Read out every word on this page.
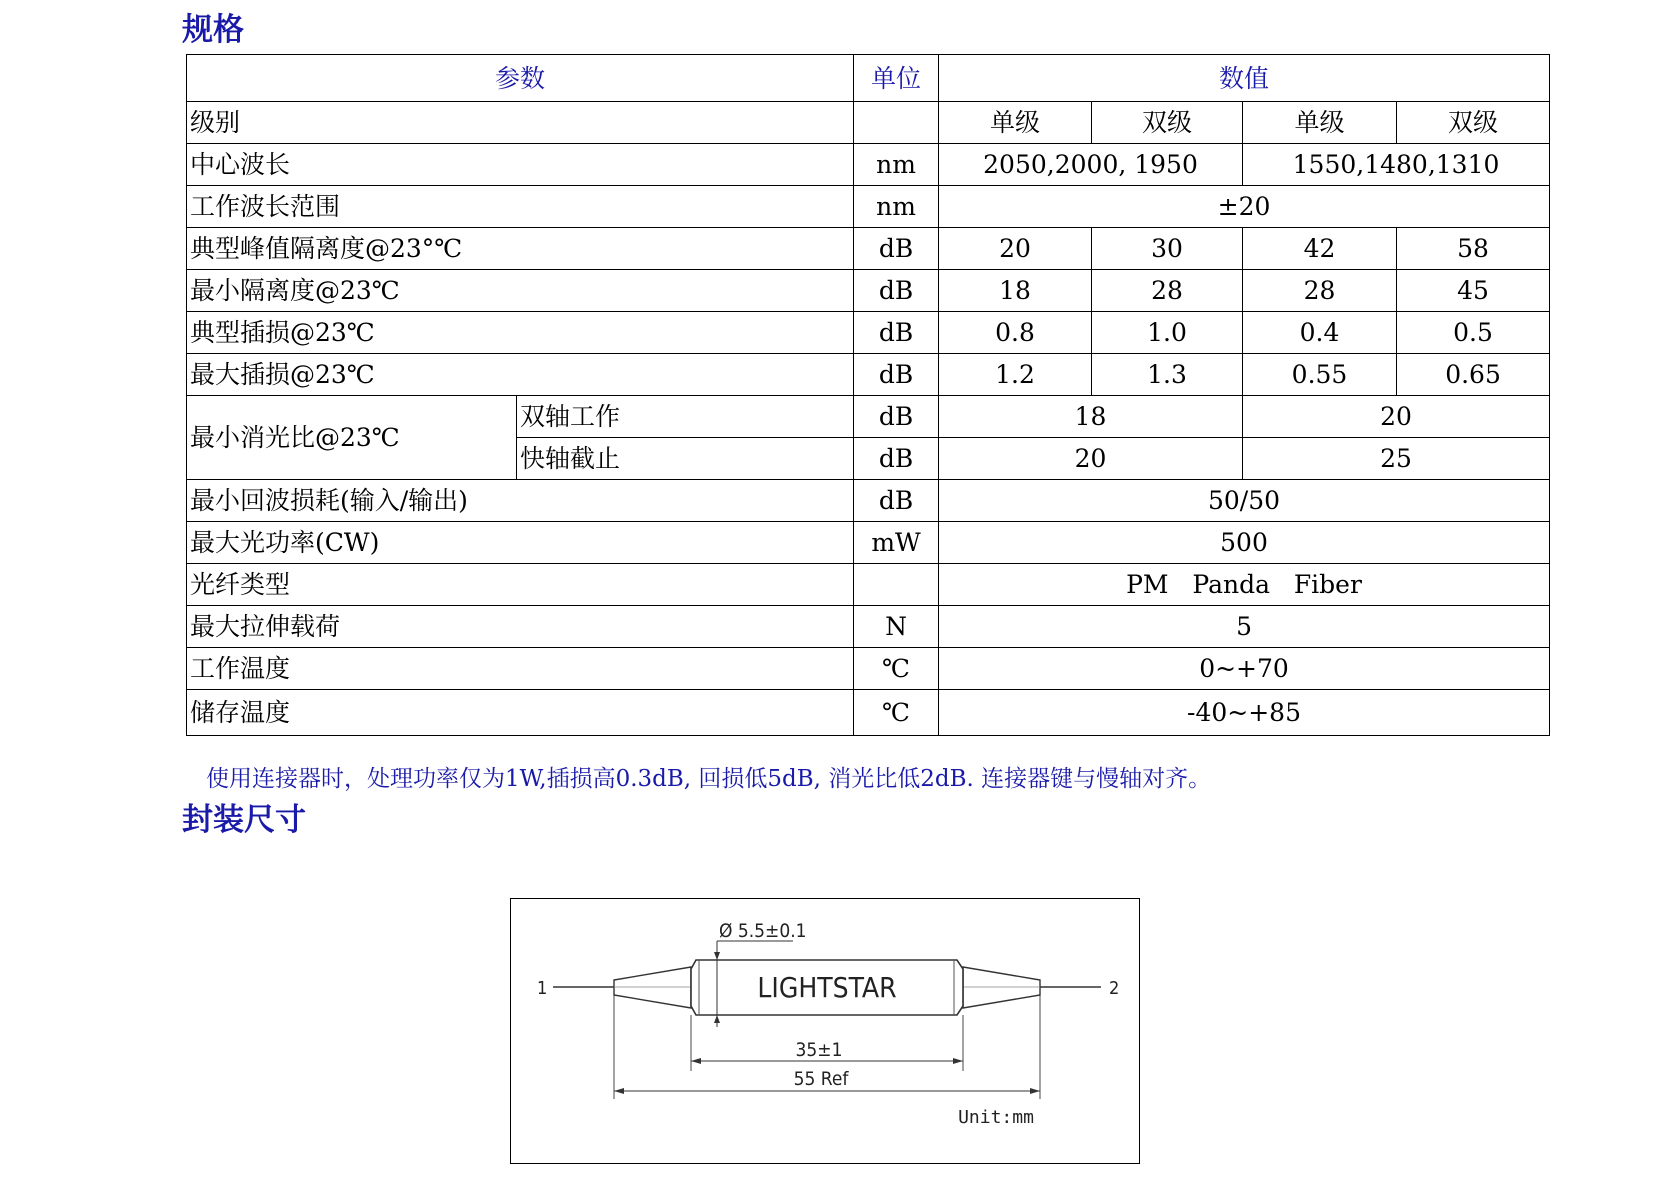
规格
参数		单位	数值			
级别			单级	双级	单级	双级
中心波长		nm	2050,2000, 1950		1550,1480,1310	
工作波长范围		nm	±20			
典型峰值隔离度@23°℃		dB	20	30	42	58
最小隔离度@23℃		dB	18	28	28	45
典型插损@23℃		dB	0.8	1.0	0.4	0.5
最大插损@23℃		dB	1.2	1.3	0.55	0.65
最小消光比@23℃	双轴工作	dB	18		20	
	快轴截止	dB	20		25	
最小回波损耗(输入/输出)		dB	50/50			
最大光功率(CW)		mW	500			
光纤类型			PM   Panda   Fiber			
最大拉伸载荷		N	5			
工作温度		℃	0~+70			
储存温度		℃	-40~+85			

使用连接器时，处理功率仅为1W,插损高0.3dB, 回损低5dB, 消光比低2dB. 连接器键与慢轴对齐。

封装尺寸
Ø 5.5±0.1
LIGHTSTAR
1	2
35±1
55 Ref
Unit:mm
